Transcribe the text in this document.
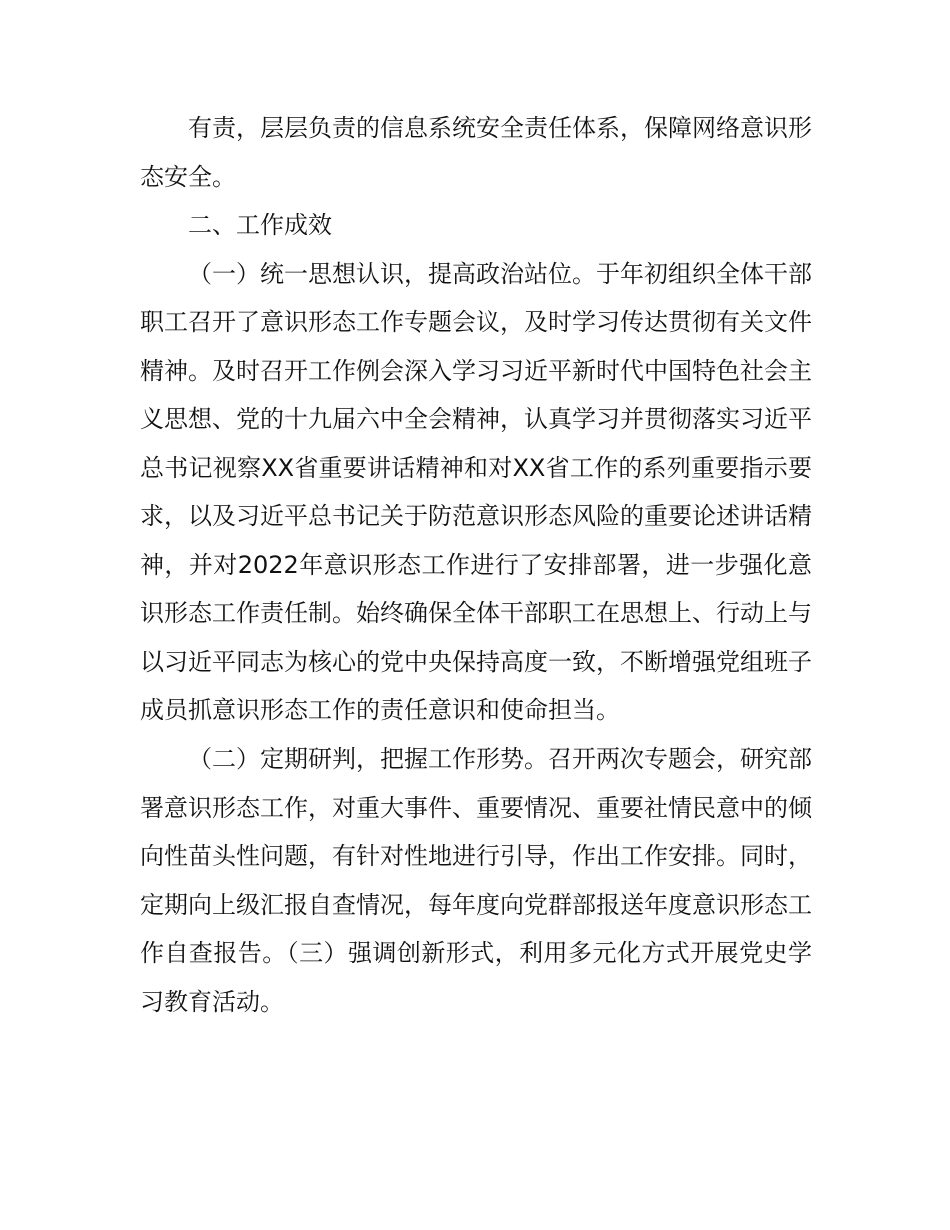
有责，层层负责的信息系统安全责任体系，保障网络意识形态安全。

二、工作成效

（一）统一思想认识，提高政治站位。于年初组织全体干部职工召开了意识形态工作专题会议，及时学习传达贯彻有关文件精神。及时召开工作例会深入学习习近平新时代中国特色社会主义思想、党的十九届六中全会精神，认真学习并贯彻落实习近平总书记视察XX省重要讲话精神和对XX省工作的系列重要指示要求，以及习近平总书记关于防范意识形态风险的重要论述讲话精神，并对2022年意识形态工作进行了安排部署，进一步强化意识形态工作责任制。始终确保全体干部职工在思想上、行动上与以习近平同志为核心的党中央保持高度一致，不断增强党组班子成员抓意识形态工作的责任意识和使命担当。

（二）定期研判，把握工作形势。召开两次专题会，研究部署意识形态工作，对重大事件、重要情况、重要社情民意中的倾向性苗头性问题，有针对性地进行引导，作出工作安排。同时，定期向上级汇报自查情况，每年度向党群部报送年度意识形态工作自查报告。（三）强调创新形式，利用多元化方式开展党史学习教育活动。
